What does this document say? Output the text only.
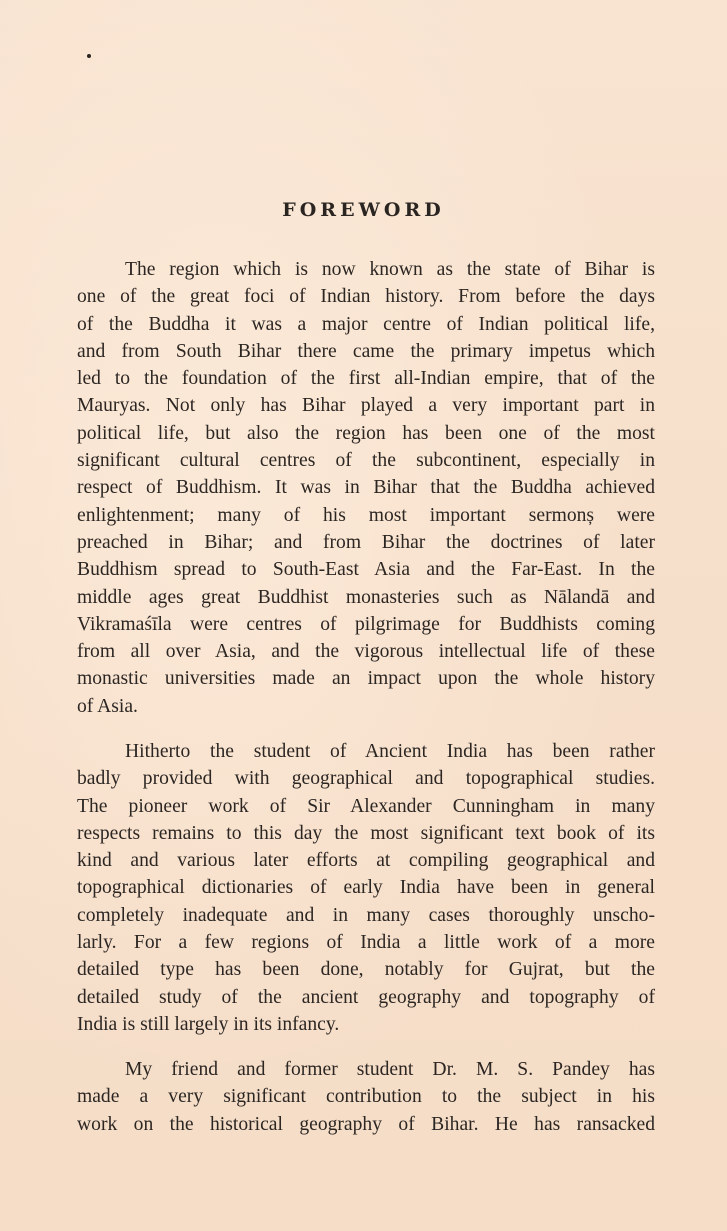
FOREWORD
The region which is now known as the state of Bihar is
one of the great foci of Indian history. From before the days
of the Buddha it was a major centre of Indian political life,
and from South Bihar there came the primary impetus which
led to the foundation of the first all-Indian empire, that of the
Mauryas. Not only has Bihar played a very important part in
political life, but also the region has been one of the most
significant cultural centres of the subcontinent, especially in
respect of Buddhism. It was in Bihar that the Buddha achieved
enlightenment; many of his most important sermonș were
preached in Bihar; and from Bihar the doctrines of later
Buddhism spread to South-East Asia and the Far-East. In the
middle ages great Buddhist monasteries such as Nālandā and
Vikramaśīla were centres of pilgrimage for Buddhists coming
from all over Asia, and the vigorous intellectual life of these
monastic universities made an impact upon the whole history
of Asia.
Hitherto the student of Ancient India has been rather
badly provided with geographical and topographical studies.
The pioneer work of Sir Alexander Cunningham in many
respects remains to this day the most significant text book of its
kind and various later efforts at compiling geographical and
topographical dictionaries of early India have been in general
completely inadequate and in many cases thoroughly unscho-
larly. For a few regions of India a little work of a more
detailed type has been done, notably for Gujrat, but the
detailed study of the ancient geography and topography of
India is still largely in its infancy.
My friend and former student Dr. M. S. Pandey has
made a very significant contribution to the subject in his
work on the historical geography of Bihar. He has ransacked
